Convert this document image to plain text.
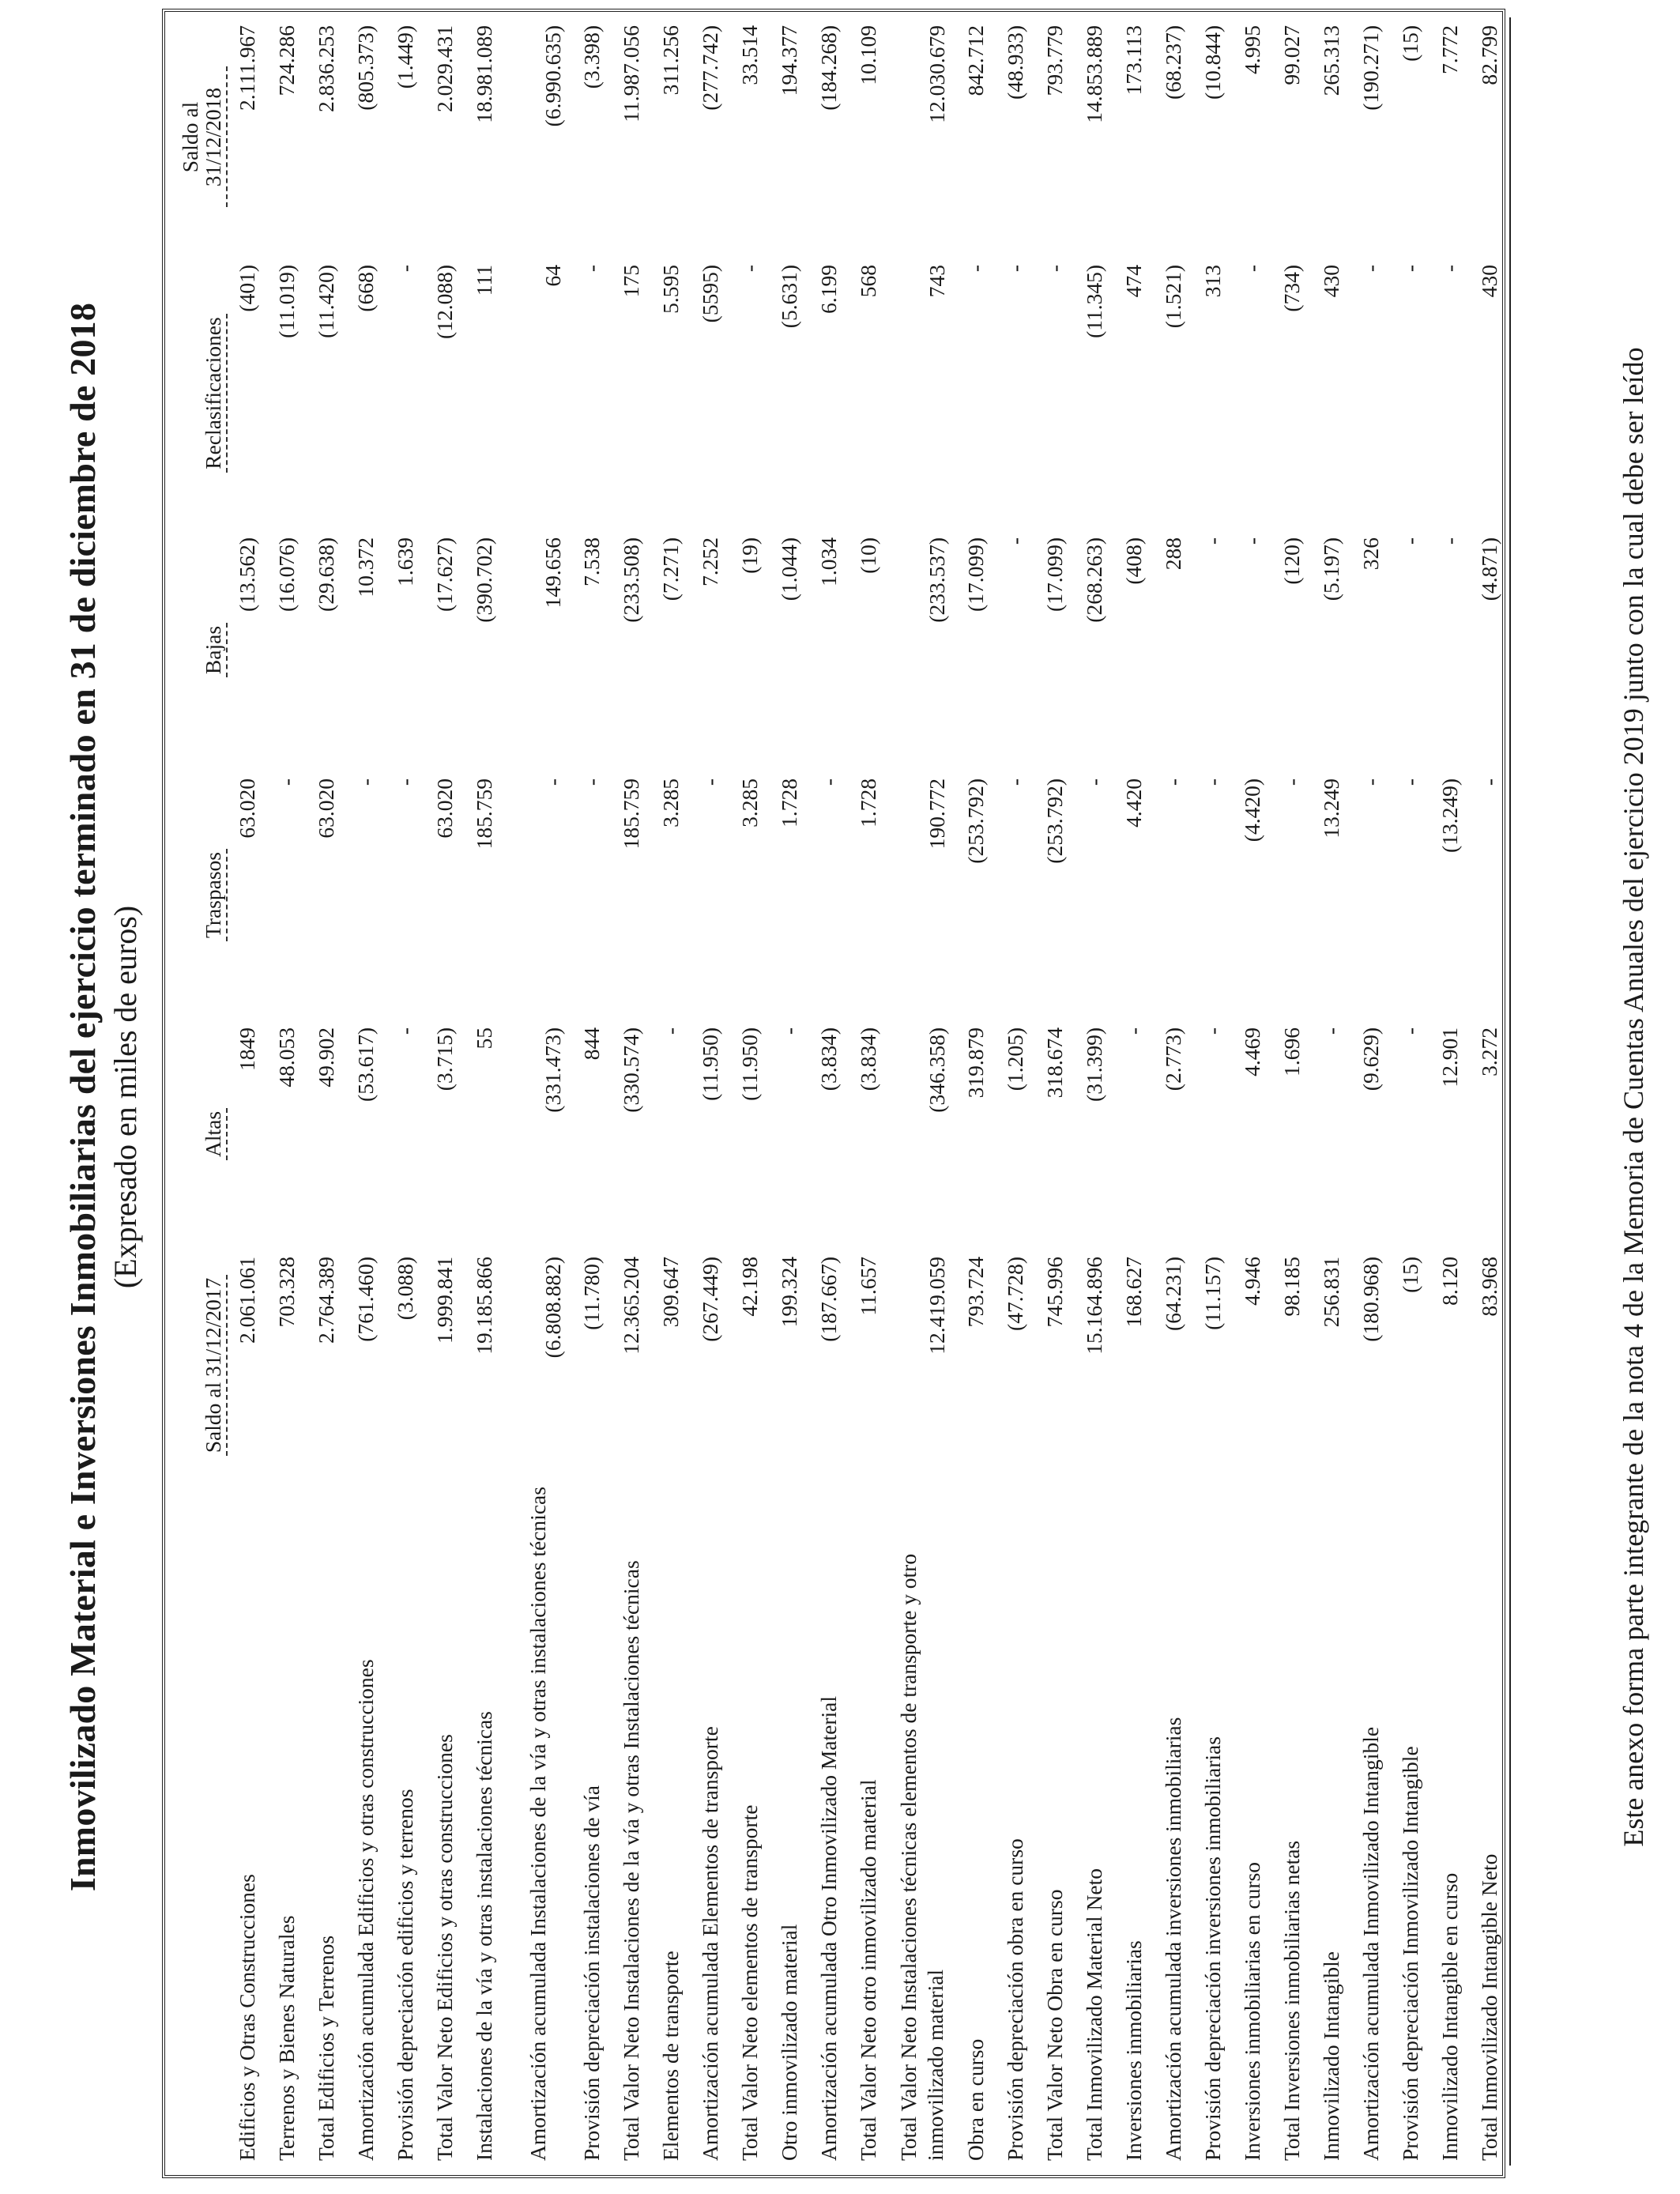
Inmovilizado Material e Inversiones Inmobiliarias del ejercicio terminado en 31 de diciembre de 2018 (Expresado en miles de euros)
	Saldo al 31/12/2017	Altas	Traspasos	Bajas	Reclasificaciones	Saldo al 31/12/2018
Edificios y Otras Construcciones	2.061.061	1849	63.020	(13.562)	(401)	2.111.967
Terrenos y Bienes Naturales	703.328	48.053	-	(16.076)	(11.019)	724.286
Total Edificios y Terrenos	2.764.389	49.902	63.020	(29.638)	(11.420)	2.836.253
Amortización acumulada Edificios y otras construcciones	(761.460)	(53.617)	-	10.372	(668)	(805.373)
Provisión depreciación edificios y terrenos	(3.088)	-	-	1.639	-	(1.449)
Total Valor Neto Edificios y otras construcciones	1.999.841	(3.715)	63.020	(17.627)	(12.088)	2.029.431
Instalaciones de la vía y otras instalaciones técnicas	19.185.866	55	185.759	(390.702)	111	18.981.089
Amortización acumulada Instalaciones de la vía y otras instalaciones técnicas	(6.808.882)	(331.473)	-	149.656	64	(6.990.635)
Provisión depreciación instalaciones de vía	(11.780)	844	-	7.538	-	(3.398)
Total Valor Neto Instalaciones de la vía y otras Instalaciones técnicas	12.365.204	(330.574)	185.759	(233.508)	175	11.987.056
Elementos de transporte	309.647	-	3.285	(7.271)	5.595	311.256
Amortización acumulada Elementos de transporte	(267.449)	(11.950)	-	7.252	(5595)	(277.742)
Total Valor Neto elementos de transporte	42.198	(11.950)	3.285	(19)	-	33.514
Otro inmovilizado material	199.324	-	1.728	(1.044)	(5.631)	194.377
Amortización acumulada Otro Inmovilizado Material	(187.667)	(3.834)	-	1.034	6.199	(184.268)
Total Valor Neto otro inmovilizado material	11.657	(3.834)	1.728	(10)	568	10.109
Total Valor Neto Instalaciones técnicas elementos de transporte y otro inmovilizado material	12.419.059	(346.358)	190.772	(233.537)	743	12.030.679
Obra en curso	793.724	319.879	(253.792)	(17.099)	-	842.712
Provisión depreciación obra en curso	(47.728)	(1.205)	-	-	-	(48.933)
Total Valor Neto Obra en curso	745.996	318.674	(253.792)	(17.099)	-	793.779
Total Inmovilizado Material Neto	15.164.896	(31.399)	-	(268.263)	(11.345)	14.853.889
Inversiones inmobiliarias	168.627	-	4.420	(408)	474	173.113
Amortización acumulada inversiones inmobiliarias	(64.231)	(2.773)	-	288	(1.521)	(68.237)
Provisión depreciación inversiones inmobiliarias	(11.157)	-	-	-	313	(10.844)
Inversiones inmobiliarias en curso	4.946	4.469	(4.420)	-	-	4.995
Total Inversiones inmobiliarias netas	98.185	1.696	-	(120)	(734)	99.027
Inmovilizado Intangible	256.831	-	13.249	(5.197)	430	265.313
Amortización acumulada Inmovilizado Intangible	(180.968)	(9.629)	-	326	-	(190.271)
Provisión depreciación Inmovilizado Intangible	(15)	-	-	-	-	(15)
Inmovilizado Intangible en curso	8.120	12.901	(13.249)	-	-	7.772
Total Inmovilizado Intangible Neto	83.968	3.272	-	(4.871)	430	82.799
Este anexo forma parte integrante de la nota 4 de la Memoria de Cuentas Anuales del ejercicio 2019 junto con la cual debe ser leído
